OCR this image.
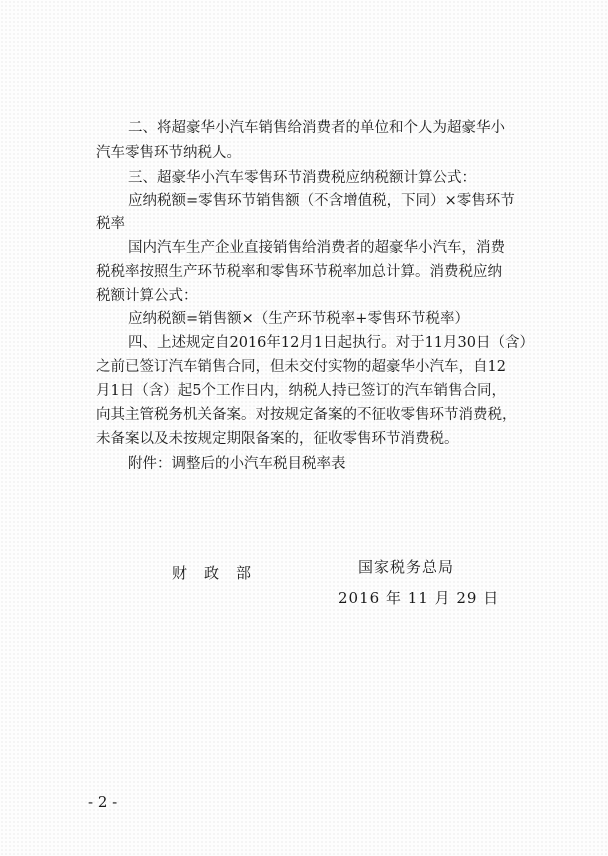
二、将超豪华小汽车销售给消费者的单位和个人为超豪华小
汽车零售环节纳税人。
三、超豪华小汽车零售环节消费税应纳税额计算公式：
应纳税额=零售环节销售额（不含增值税，下同）×零售环节
税率
国内汽车生产企业直接销售给消费者的超豪华小汽车，消费
税税率按照生产环节税率和零售环节税率加总计算。消费税应纳
税额计算公式：
应纳税额=销售额×（生产环节税率+零售环节税率）
四、上述规定自2016年12月1日起执行。对于11月30日（含）
之前已签订汽车销售合同，但未交付实物的超豪华小汽车，自12
月1日（含）起5个工作日内，纳税人持已签订的汽车销售合同，
向其主管税务机关备案。对按规定备案的不征收零售环节消费税，
未备案以及未按规定期限备案的，征收零售环节消费税。
附件：调整后的小汽车税目税率表
财　政　部	国家税务总局
2016 年 11 月 29 日
- 2 -
